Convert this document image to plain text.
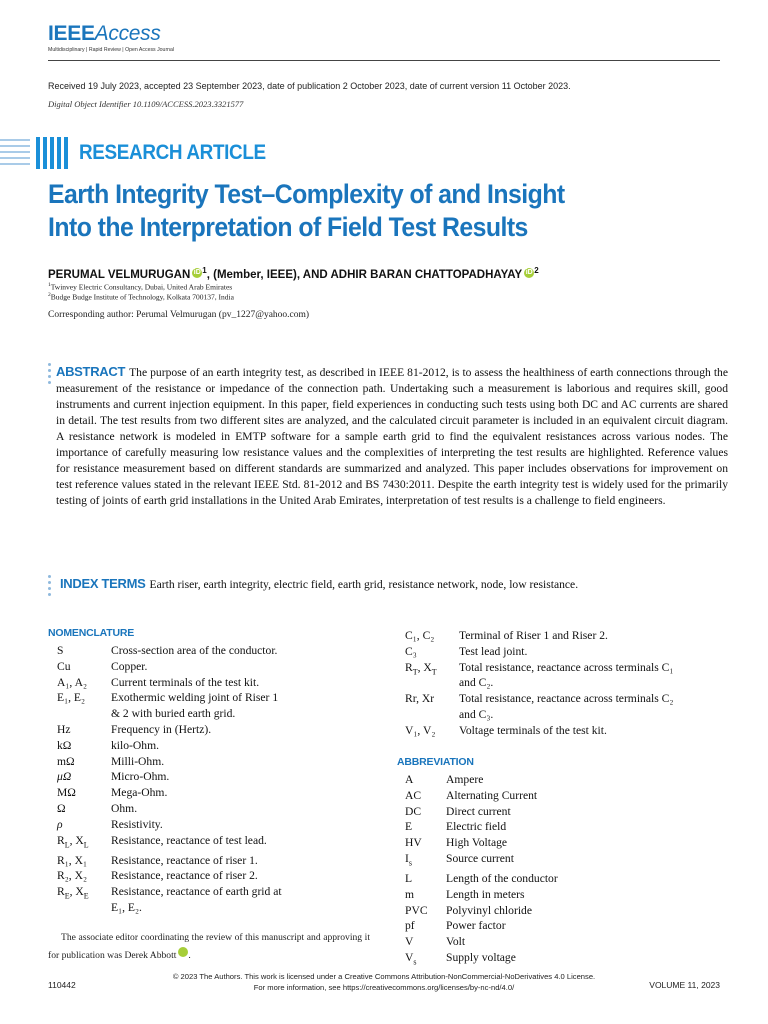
IEEEAccess
Multidisciplinary | Rapid Review | Open Access Journal
Received 19 July 2023, accepted 23 September 2023, date of publication 2 October 2023, date of current version 11 October 2023.
Digital Object Identifier 10.1109/ACCESS.2023.3321577
RESEARCH ARTICLE
Earth Integrity Test–Complexity of and Insight
Into the Interpretation of Field Test Results
PERUMAL VELMURUGAN iD $^1$, (Member, IEEE), AND ADHIR BARAN CHATTOPADHAYAY iD $^2$
$^1$Twinvey Electric Consultancy, Dubai, United Arab Emirates
$^2$Budge Budge Institute of Technology, Kolkata 700137, India
Corresponding author: Perumal Velmurugan (pv_1227@yahoo.com)
ABSTRACT The purpose of an earth integrity test, as described in IEEE 81-2012, is to assess the healthiness of earth connections through the measurement of the resistance or impedance of the connection path. Undertaking such a measurement is laborious and requires skill, good instruments and current injection equipment. In this paper, field experiences in conducting such tests using both DC and AC currents are shared in detail. The test results from two different sites are analyzed, and the calculated circuit parameter is included in an equivalent circuit diagram. A resistance network is modeled in EMTP software for a sample earth grid to find the equivalent resistances across various nodes. The importance of carefully measuring low resistance values and the complexities of interpreting the test results are highlighted. Reference values for resistance measurement based on different standards are summarized and analyzed. This paper includes observations for improvement on test reference values stated in the relevant IEEE Std. 81-2012 and BS 7430:2011. Despite the earth integrity test is widely used for the primarily testing of joints of earth grid installations in the United Arab Emirates, interpretation of test results is a challenge to field engineers.
INDEX TERMS Earth riser, earth integrity, electric field, earth grid, resistance network, node, low resistance.
NOMENCLATURE
S	Cross-section area of the conductor.
Cu	Copper.
A₁, A₂	Current terminals of the test kit.
E₁, E₂	Exothermic welding joint of Riser 1 & 2 with buried earth grid.
Hz	Frequency in (Hertz).
kΩ	kilo-Ohm.
mΩ	Milli-Ohm.
μΩ	Micro-Ohm.
MΩ	Mega-Ohm.
Ω	Ohm.
ρ	Resistivity.
$R_L$, $X_L$	Resistance, reactance of test lead.
R₁, X₁	Resistance, reactance of riser 1.
R₂, X₂	Resistance, reactance of riser 2.
$R_E$, $X_E$	Resistance, reactance of earth grid at E₁, E₂.
C₁, C₂	Terminal of Riser 1 and Riser 2.
C₃	Test lead joint.
$R_T$, $X_T$	Total resistance, reactance across terminals C₁ and C₂.
Rr, Xr	Total resistance, reactance across terminals C₂ and C₃.
V₁, V₂	Voltage terminals of the test kit.
ABBREVIATION
A	Ampere
AC	Alternating Current
DC	Direct current
E	Electric field
HV	High Voltage
$I_s$	Source current
L	Length of the conductor
m	Length in meters
PVC	Polyvinyl chloride
pf	Power factor
V	Volt
$V_s$	Supply voltage
The associate editor coordinating the review of this manuscript and approving it for publication was Derek Abbott iD.
© 2023 The Authors. This work is licensed under a Creative Commons Attribution-NonCommercial-NoDerivatives 4.0 License.
For more information, see https://creativecommons.org/licenses/by-nc-nd/4.0/
110442	VOLUME 11, 2023
